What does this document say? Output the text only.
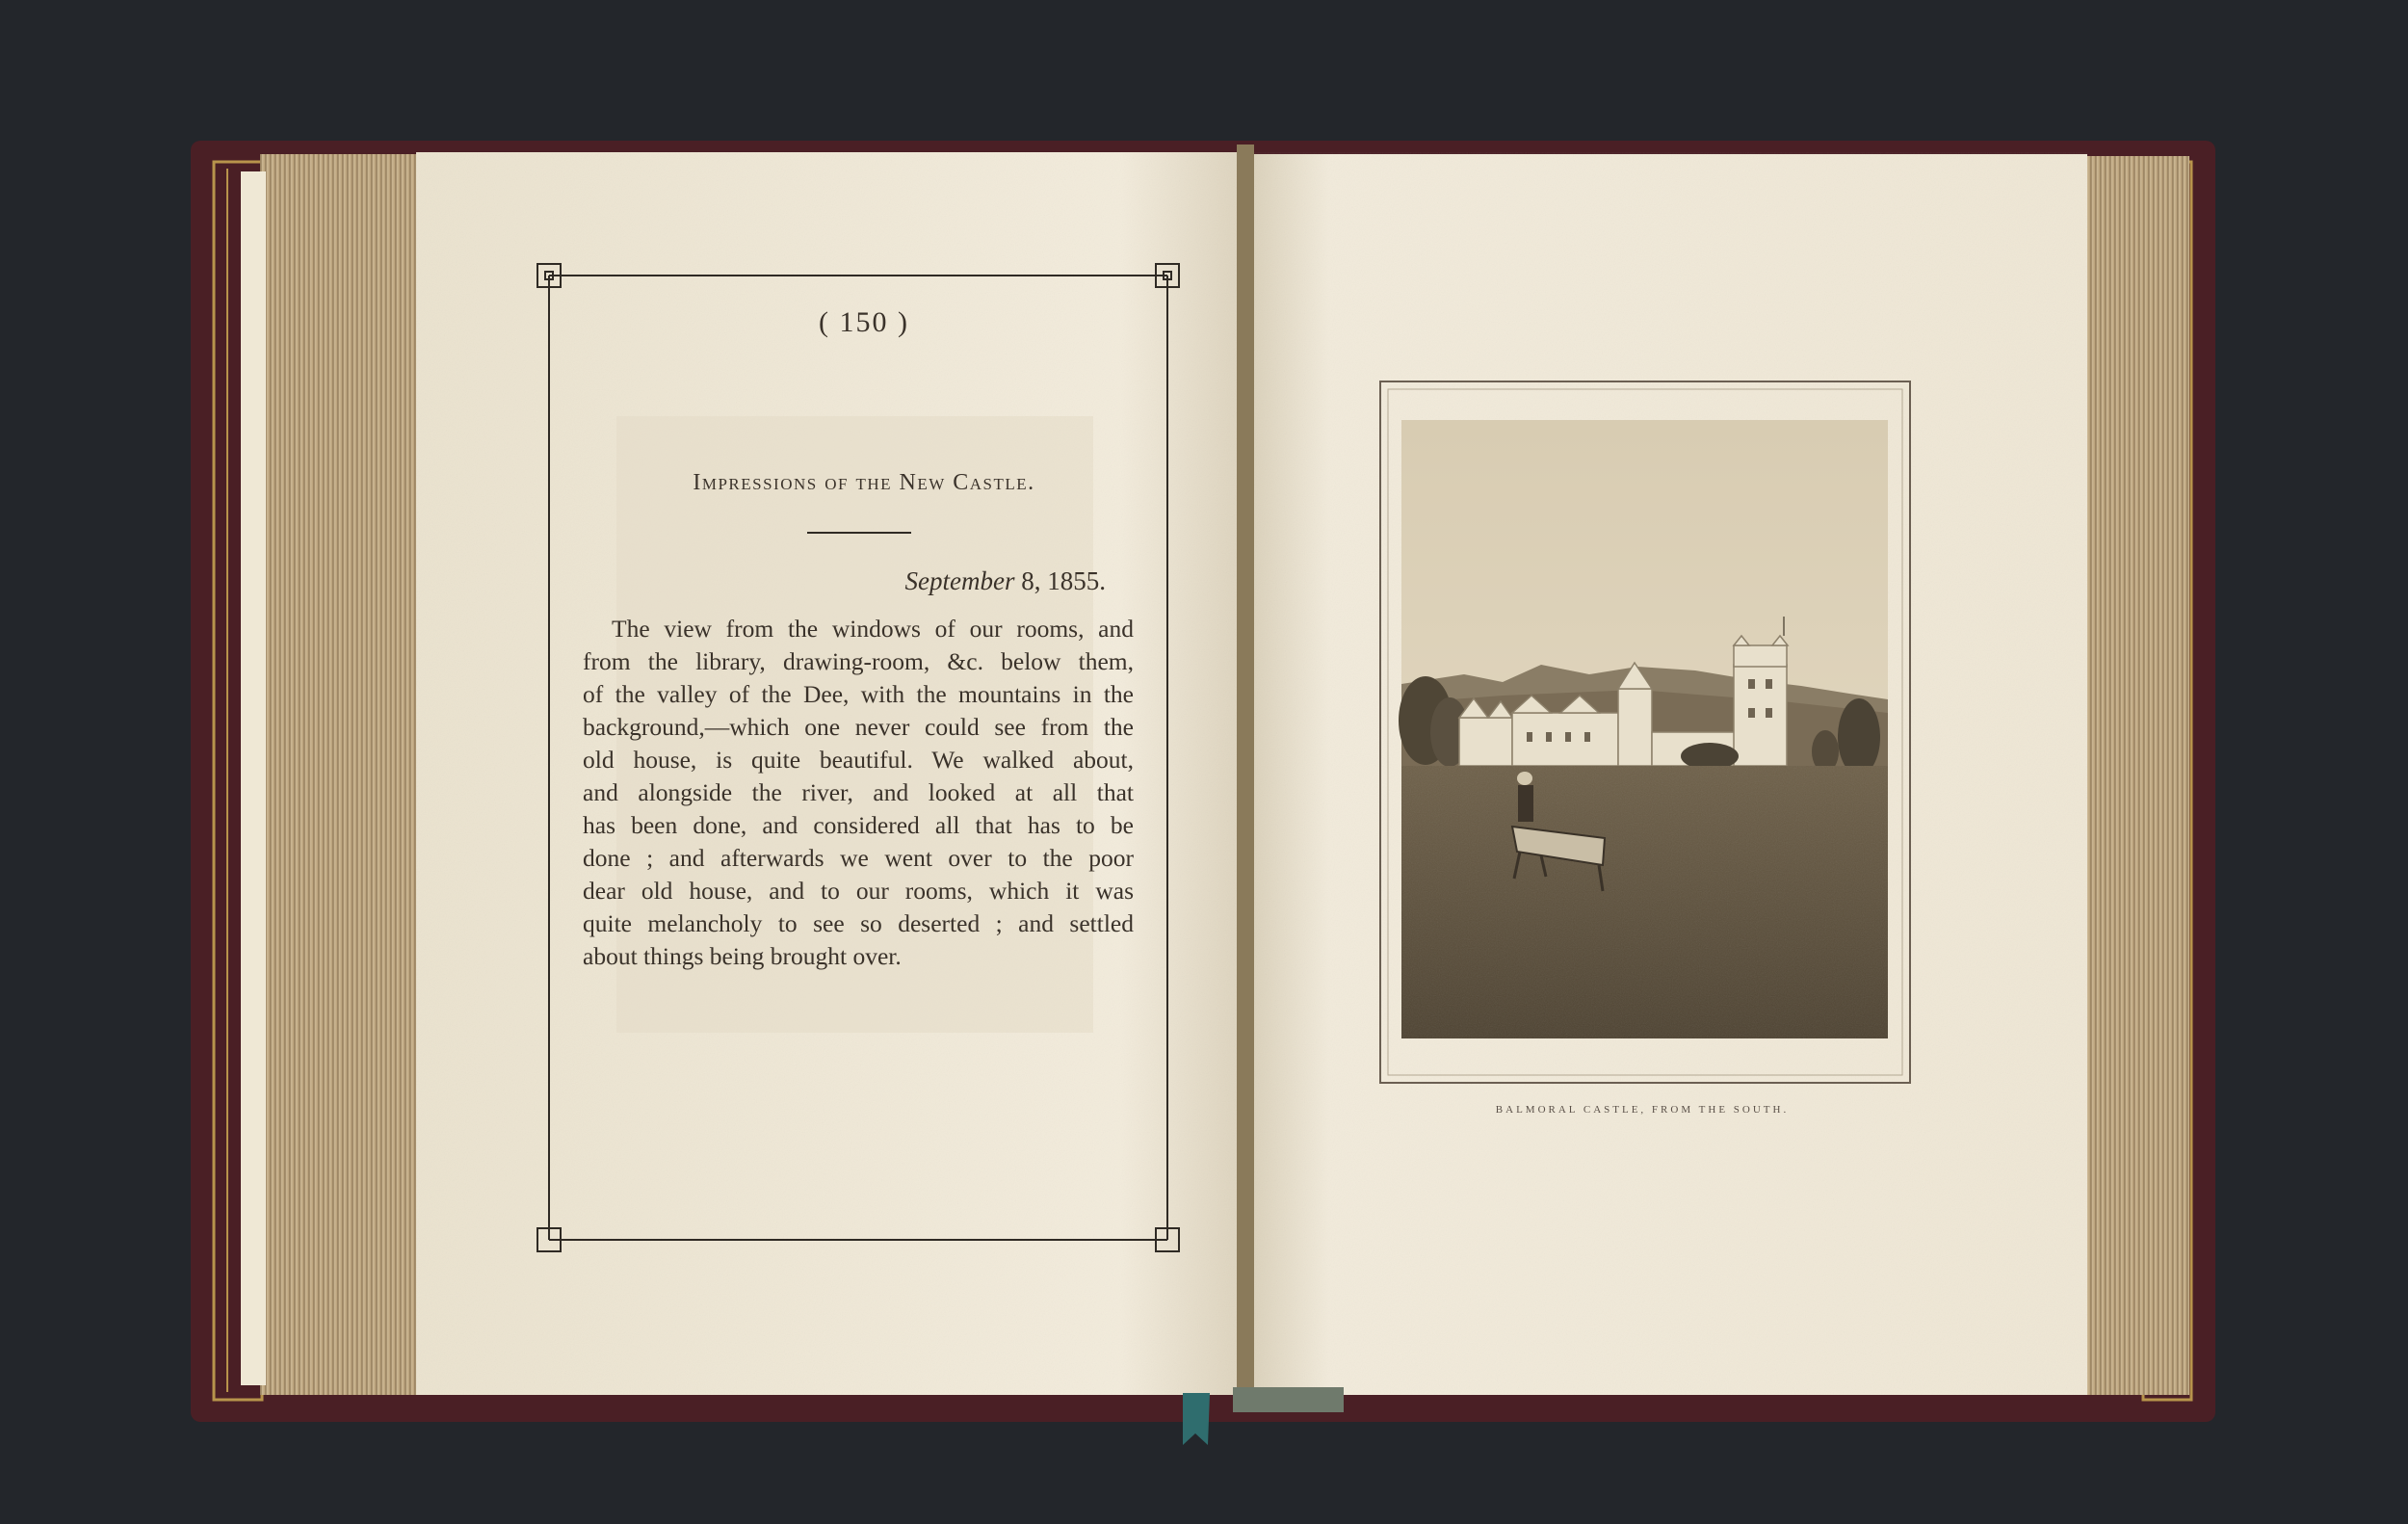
( 150 )
Impressions of the New Castle.
September 8, 1855.
The view from the windows of our rooms, and
from the library, drawing-room, &c. below them,
of the valley of the Dee, with the mountains in the
background,—which one never could see from the
old house, is quite beautiful. We walked about,
and alongside the river, and looked at all that
has been done, and considered all that has to be
done ; and afterwards we went over to the poor
dear old house, and to our rooms, which it was
quite melancholy to see so deserted ; and settled
about things being brought over.
BALMORAL CASTLE, FROM THE SOUTH.
